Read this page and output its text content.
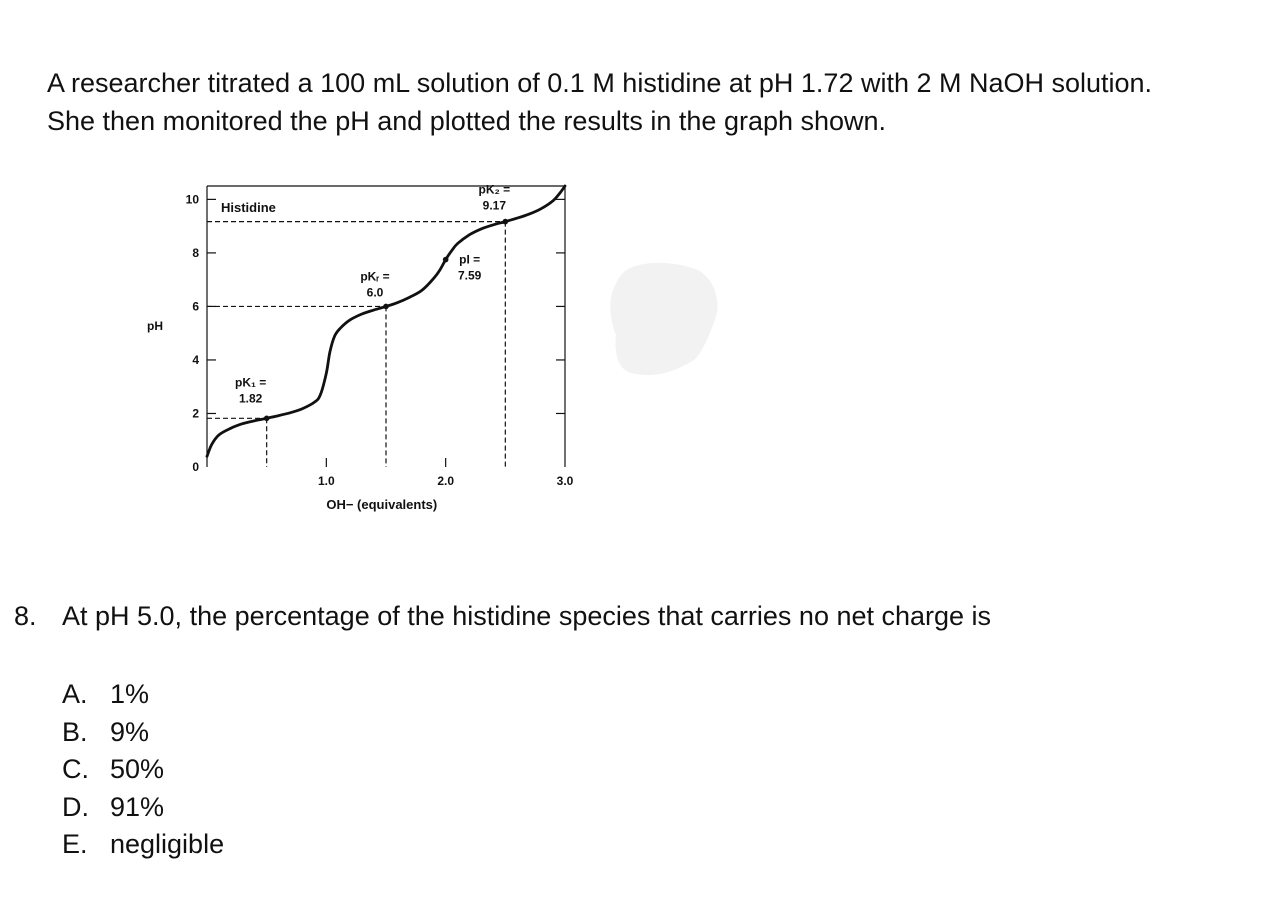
A researcher titrated a 100 mL solution of 0.1 M histidine at pH 1.72 with 2 M NaOH solution.

She then monitored the pH and plotted the results in the graph shown.

0
2
4
6
8
10
1.0	2.0	3.0
pH
OH− (equivalents)
Histidine
pK₁ =
1.82
pKᵣ =
6.0
pI =
7.59
pK₂ =
9.17
8. At pH 5.0, the percentage of the histidine species that carries no net charge is
A. 1%
B. 9%
C. 50%
D. 91%
E. negligible
